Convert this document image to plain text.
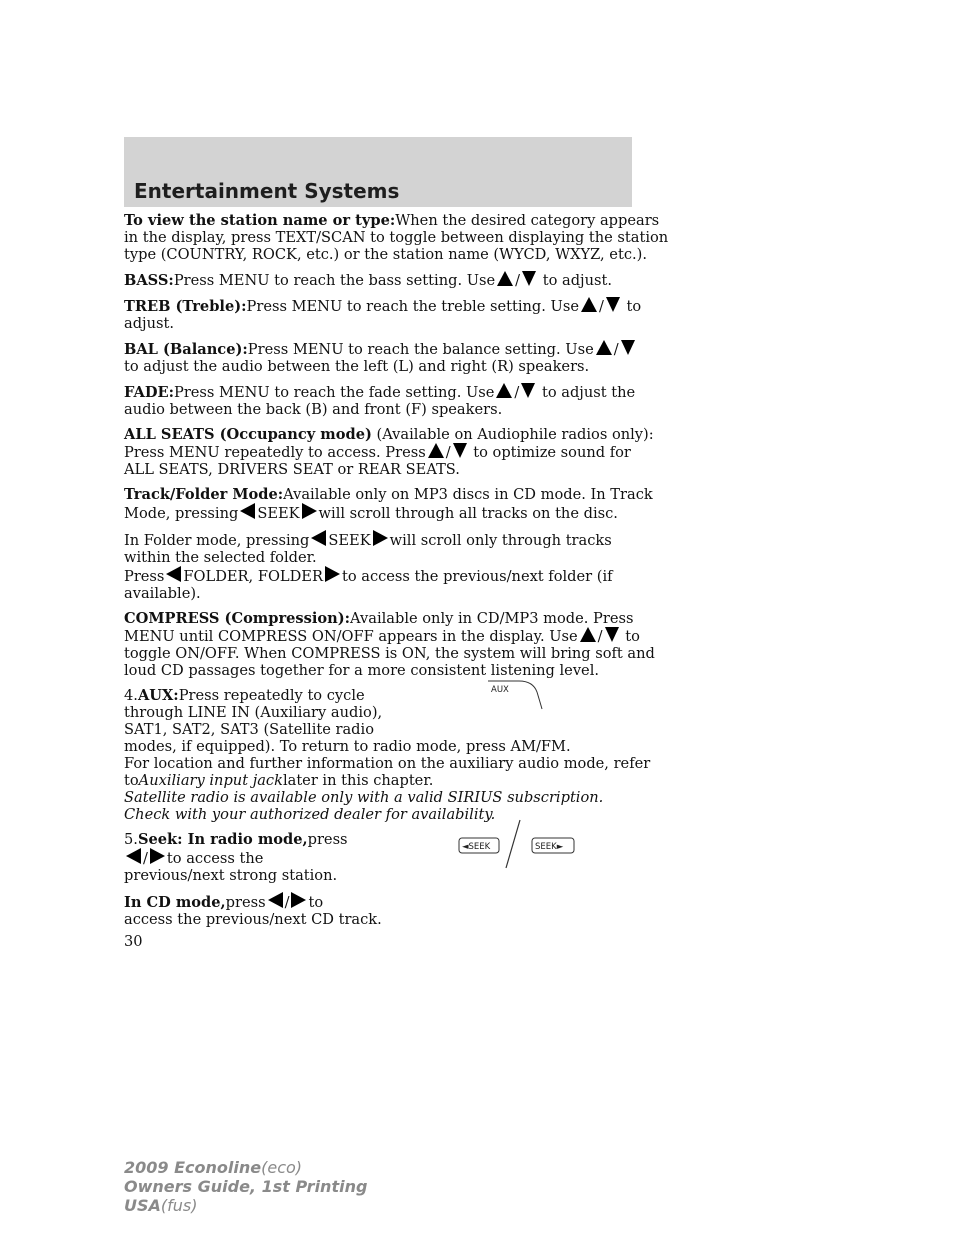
Entertainment Systems
To view the station name or type:When the desired category appears
in the display, press TEXT/SCAN to toggle between displaying the station
type (COUNTRY, ROCK, etc.) or the station name (WYCD, WXYZ, etc.).
BASS:Press MENU to reach the bass setting. Use / to adjust.
TREB (Treble):Press MENU to reach the treble setting. Use / to
adjust.
BAL (Balance):Press MENU to reach the balance setting. Use /
to adjust the audio between the left (L) and right (R) speakers.
FADE:Press MENU to reach the fade setting. Use / to adjust the
audio between the back (B) and front (F) speakers.
ALL SEATS (Occupancy mode) (Available on Audiophile radios only):
Press MENU repeatedly to access. Press / to optimize sound for
ALL SEATS, DRIVERS SEAT or REAR SEATS.
Track/Folder Mode:Available only on MP3 discs in CD mode. In Track
Mode, pressing SEEK will scroll through all tracks on the disc.
In Folder mode, pressing SEEK will scroll only through tracks
within the selected folder.
Press FOLDER, FOLDER to access the previous/next folder (if
available).
COMPRESS (Compression):Available only in CD/MP3 mode. Press
MENU until COMPRESS ON/OFF appears in the display. Use / to
toggle ON/OFF. When COMPRESS is ON, the system will bring soft and
loud CD passages together for a more consistent listening level.
4.AUX:Press repeatedly to cycle
through LINE IN (Auxiliary audio),
SAT1, SAT2, SAT3 (Satellite radio
modes, if equipped). To return to radio mode, press AM/FM.
For location and further information on the auxiliary audio mode, refer
toAuxiliary input jacklater in this chapter.
Satellite radio is available only with a valid SIRIUS subscription.
Check with your authorized dealer for availability.
5.Seek: In radio mode,press
/ to access the
previous/next strong station.
In CD mode,press / to
access the previous/next CD track.
AUX
◄SEEK	SEEK►
30
2009 Econoline(eco)
Owners Guide, 1st Printing
USA(fus)
